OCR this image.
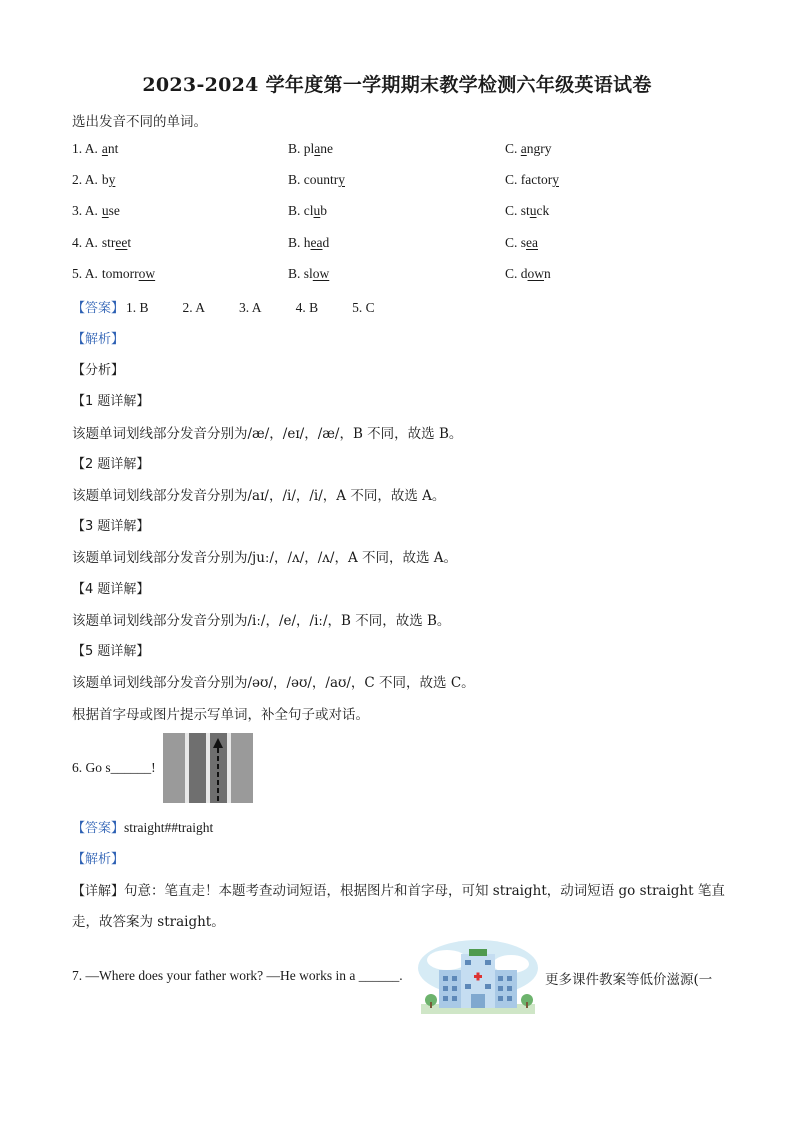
2023-2024 学年度第一学期期末教学检测六年级英语试卷
选出发音不同的单词。
1. A. ant	B. plane	C. angry
2. A. by	B. country	C. factory
3. A. use	B. club	C. stuck
4. A. street	B. head	C. sea
5. A. tomorrow	B. slow	C. down
【答案】 1. B	2. A	3. A	4. B	5. C
【解析】
【分析】
【1 题详解】
该题单词划线部分发音分别为/æ/，/eɪ/，/æ/，B 不同，故选 B。
【2 题详解】
该题单词划线部分发音分别为/aɪ/，/i/，/i/，A 不同，故选 A。
【3 题详解】
该题单词划线部分发音分别为/juː/，/ʌ/，/ʌ/，A 不同，故选 A。
【4 题详解】
该题单词划线部分发音分别为/iː/，/e/，/iː/，B 不同，故选 B。
【5 题详解】
该题单词划线部分发音分别为/əʊ/，/əʊ/，/aʊ/，C 不同，故选 C。
根据首字母或图片提示写单词，补全句子或对话。
6. Go s______!
【答案】straight##traight
【解析】
【详解】句意：笔直走！本题考查动词短语，根据图片和首字母，可知 straight，动词短语 go straight 笔直
走，故答案为 straight。
7. —Where does your father work? —He works in a ______.	更多课件教案等低价滋源(一
